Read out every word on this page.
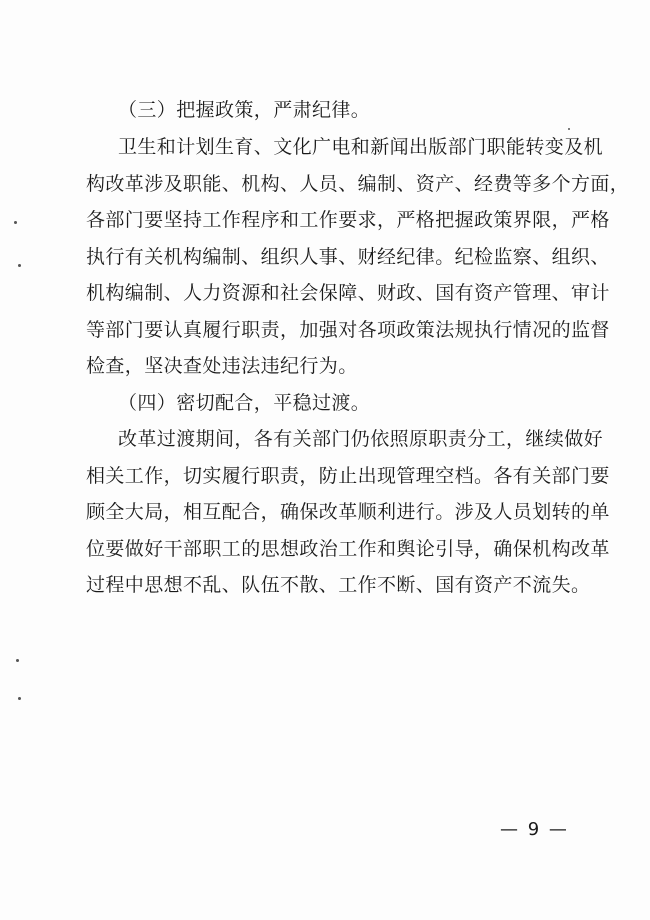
（三）把握政策，严肃纪律。
卫生和计划生育、文化广电和新闻出版部门职能转变及机
构改革涉及职能、机构、人员、编制、资产、经费等多个方面，
各部门要坚持工作程序和工作要求，严格把握政策界限，严格
执行有关机构编制、组织人事、财经纪律。纪检监察、组织、
机构编制、人力资源和社会保障、财政、国有资产管理、审计
等部门要认真履行职责，加强对各项政策法规执行情况的监督
检查，坚决查处违法违纪行为。
（四）密切配合，平稳过渡。
改革过渡期间，各有关部门仍依照原职责分工，继续做好
相关工作，切实履行职责，防止出现管理空档。各有关部门要
顾全大局，相互配合，确保改革顺利进行。涉及人员划转的单
位要做好干部职工的思想政治工作和舆论引导，确保机构改革
过程中思想不乱、队伍不散、工作不断、国有资产不流失。
— 9 —
